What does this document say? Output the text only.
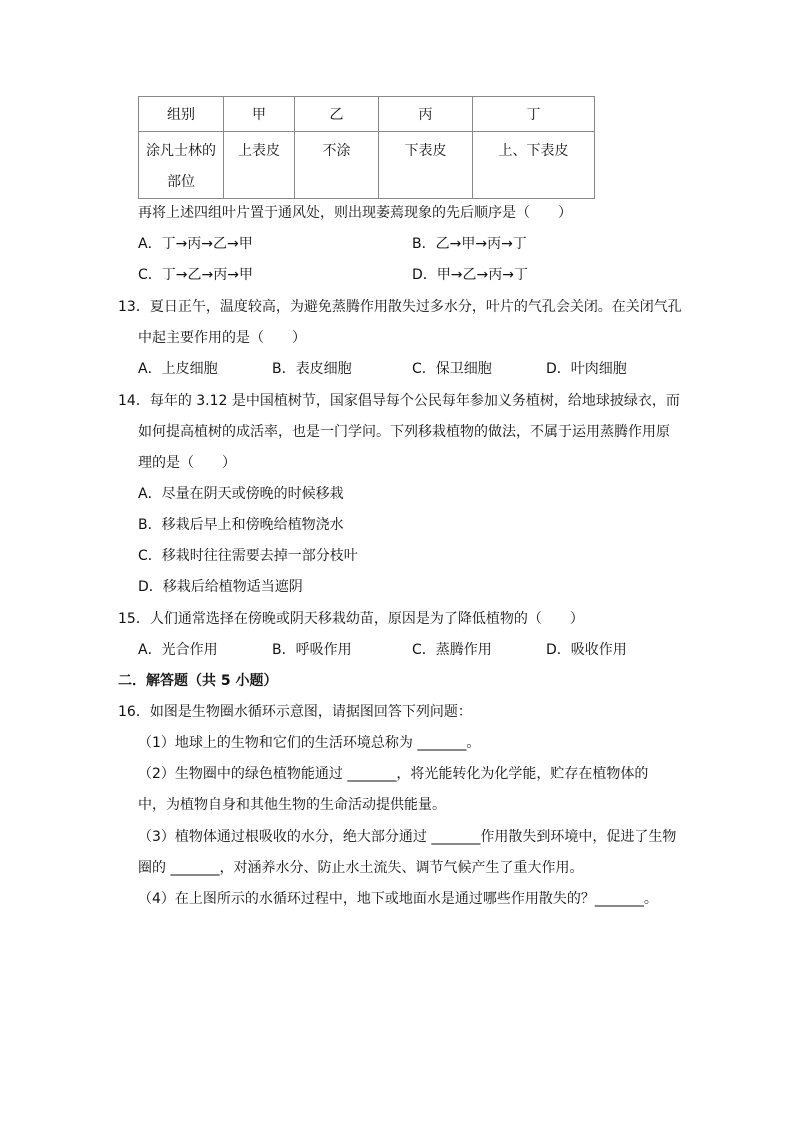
组别	甲	乙	丙	丁

涂凡士林的
部位	上表皮	不涂	下表皮	上、下表皮
再将上述四组叶片置于通风处，则出现萎蔫现象的先后顺序是（　　）
A．丁→丙→乙→甲	B．乙→甲→丙→丁
C．丁→乙→丙→甲	D．甲→乙→丙→丁
13．夏日正午，温度较高，为避免蒸腾作用散失过多水分，叶片的气孔会关闭。在关闭气孔
中起主要作用的是（　　）
A．上皮细胞	B．表皮细胞	C．保卫细胞	D．叶肉细胞
14．每年的 3.12 是中国植树节，国家倡导每个公民每年参加义务植树，给地球披绿衣，而
如何提高植树的成活率，也是一门学问。下列移栽植物的做法，不属于运用蒸腾作用原
理的是（　　）
A．尽量在阴天或傍晚的时候移栽
B．移栽后早上和傍晚给植物浇水
C．移栽时往往需要去掉一部分枝叶
D．移栽后给植物适当遮阴
15．人们通常选择在傍晚或阴天移栽幼苗，原因是为了降低植物的（　　）
A．光合作用	B．呼吸作用	C．蒸腾作用	D．吸收作用
二．解答题（共 5 小题）
16．如图是生物圈水循环示意图，请据图回答下列问题：
（1）地球上的生物和它们的生活环境总称为 _______。
（2）生物圈中的绿色植物能通过 _______，将光能转化为化学能，贮存在植物体的
中，为植物自身和其他生物的生命活动提供能量。
（3）植物体通过根吸收的水分，绝大部分通过 _______作用散失到环境中，促进了生物
圈的 _______，对涵养水分、防止水土流失、调节气候产生了重大作用。
（4）在上图所示的水循环过程中，地下或地面水是通过哪些作用散失的？_______。
